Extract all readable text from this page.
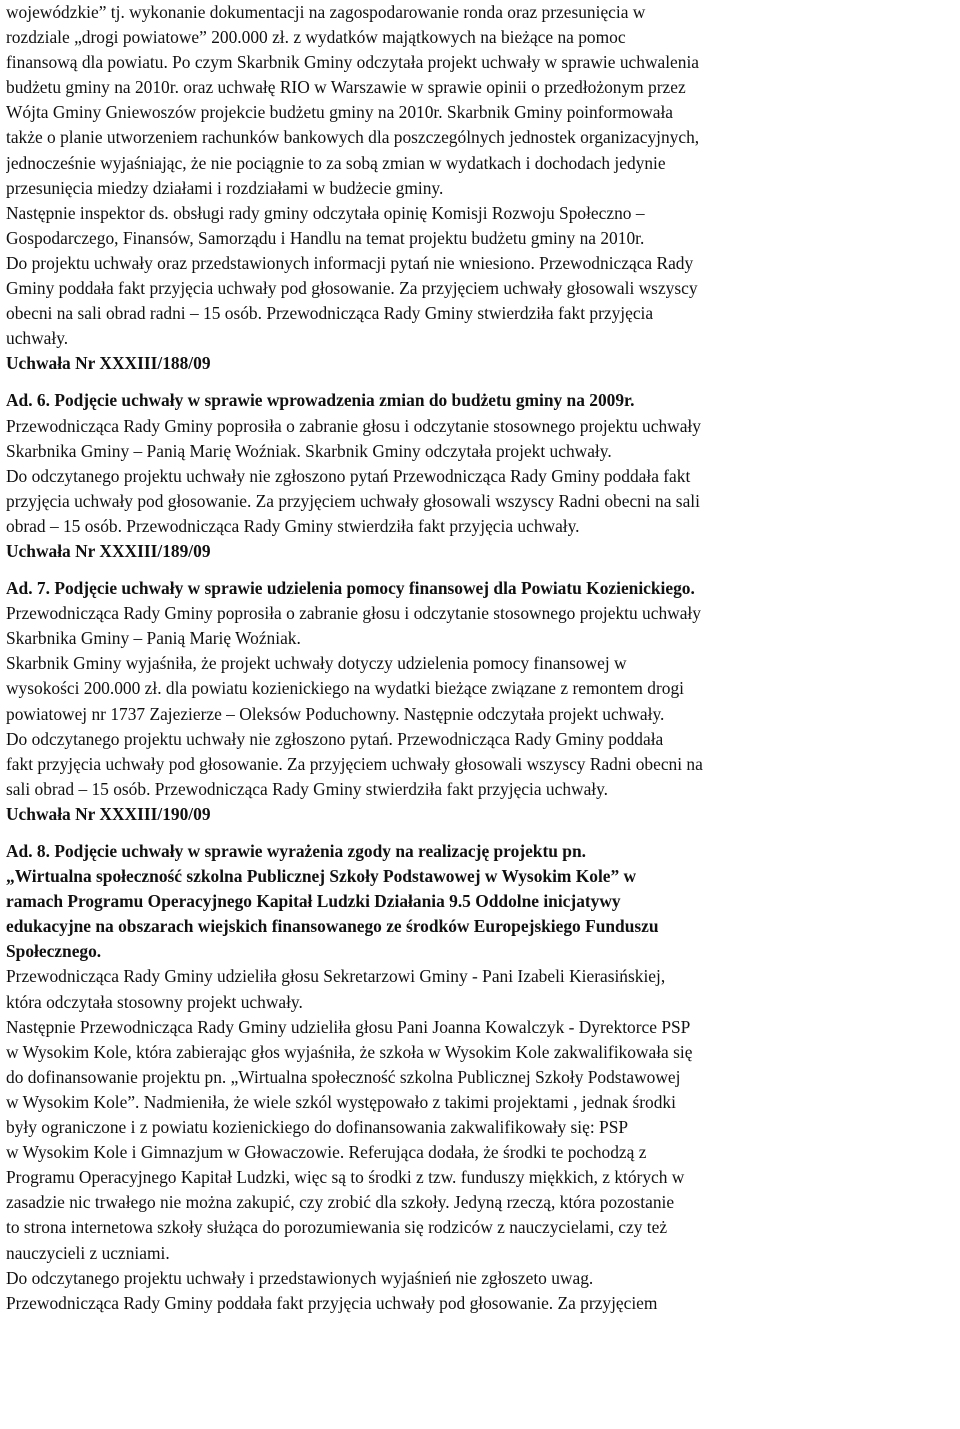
wojewódzkie” tj. wykonanie dokumentacji na zagospodarowanie ronda oraz przesunięcia w
rozdziale „drogi powiatowe” 200.000 zł. z wydatków majątkowych na bieżące na pomoc
finansową dla powiatu. Po czym Skarbnik Gminy odczytała projekt uchwały w sprawie uchwalenia
budżetu gminy na 2010r. oraz uchwałę RIO w Warszawie w sprawie opinii o przedłożonym przez
Wójta Gminy Gniewoszów projekcie budżetu gminy na 2010r. Skarbnik Gminy poinformowała
także o planie utworzeniem rachunków bankowych dla poszczególnych jednostek organizacyjnych,
jednocześnie wyjaśniając, że nie pociągnie to za sobą zmian w wydatkach i dochodach jedynie
przesunięcia miedzy działami i rozdziałami w budżecie gminy.
Następnie inspektor ds. obsługi rady gminy odczytała opinię Komisji Rozwoju Społeczno –
Gospodarczego, Finansów, Samorządu i Handlu na temat projektu budżetu gminy na 2010r.
Do projektu uchwały oraz przedstawionych informacji pytań nie wniesiono. Przewodnicząca Rady
Gminy poddała fakt przyjęcia uchwały pod głosowanie. Za przyjęciem uchwały głosowali wszyscy
obecni na sali obrad radni – 15 osób. Przewodnicząca Rady Gminy stwierdziła fakt przyjęcia
uchwały.
Uchwała Nr XXXIII/188/09
Ad. 6. Podjęcie uchwały w sprawie wprowadzenia zmian do budżetu gminy na 2009r.
Przewodnicząca Rady Gminy poprosiła o zabranie głosu i odczytanie stosownego projektu uchwały
Skarbnika Gminy – Panią Marię Woźniak. Skarbnik Gminy odczytała projekt uchwały.
Do odczytanego projektu uchwały nie zgłoszono pytań Przewodnicząca Rady Gminy poddała fakt
przyjęcia uchwały pod głosowanie. Za przyjęciem uchwały głosowali wszyscy Radni obecni na sali
obrad – 15 osób. Przewodnicząca Rady Gminy stwierdziła fakt przyjęcia uchwały.
Uchwała Nr XXXIII/189/09
Ad. 7. Podjęcie uchwały w sprawie udzielenia pomocy finansowej dla Powiatu Kozienickiego.
Przewodnicząca Rady Gminy poprosiła o zabranie głosu i odczytanie stosownego projektu uchwały
Skarbnika Gminy – Panią Marię Woźniak.
Skarbnik Gminy wyjaśniła, że projekt uchwały dotyczy udzielenia pomocy finansowej w
wysokości 200.000 zł. dla powiatu kozienickiego na wydatki bieżące związane z remontem drogi
powiatowej nr 1737 Zajezierze – Oleksów Poduchowny. Następnie odczytała projekt uchwały.
Do odczytanego projektu uchwały nie zgłoszono pytań. Przewodnicząca Rady Gminy poddała
fakt przyjęcia uchwały pod głosowanie. Za przyjęciem uchwały głosowali wszyscy Radni obecni na
sali obrad – 15 osób. Przewodnicząca Rady Gminy stwierdziła fakt przyjęcia uchwały.
Uchwała Nr XXXIII/190/09
Ad. 8. Podjęcie uchwały w sprawie wyrażenia zgody na realizację projektu pn.
„Wirtualna społeczność szkolna Publicznej Szkoły Podstawowej w Wysokim Kole” w
ramach Programu Operacyjnego Kapitał Ludzki Działania 9.5 Oddolne inicjatywy
edukacyjne na obszarach wiejskich finansowanego ze środków Europejskiego Funduszu
Społecznego.
Przewodnicząca Rady Gminy udzieliła głosu Sekretarzowi Gminy - Pani Izabeli Kierasińskiej,
która odczytała stosowny projekt uchwały.
Następnie Przewodnicząca Rady Gminy udzieliła głosu Pani Joanna Kowalczyk - Dyrektorce PSP
w Wysokim Kole, która zabierając głos wyjaśniła, że szkoła w Wysokim Kole zakwalifikowała się
do dofinansowanie projektu pn. „Wirtualna społeczność szkolna Publicznej Szkoły Podstawowej
w Wysokim Kole”. Nadmieniła, że wiele szkól występowało z takimi projektami , jednak środki
były ograniczone i z powiatu kozienickiego do dofinansowania zakwalifikowały się: PSP
w Wysokim Kole i Gimnazjum w Głowaczowie. Referująca dodała, że środki te pochodzą z
Programu Operacyjnego Kapitał Ludzki, więc są to środki z tzw. funduszy miękkich, z których w
zasadzie nic trwałego nie można zakupić, czy zrobić dla szkoły. Jedyną rzeczą, która pozostanie
to strona internetowa szkoły służąca do porozumiewania się rodziców z nauczycielami, czy też
nauczycieli z uczniami.
Do odczytanego projektu uchwały i przedstawionych wyjaśnień nie zgłoszeto uwag.
Przewodnicząca Rady Gminy poddała fakt przyjęcia uchwały pod głosowanie. Za przyjęciem
